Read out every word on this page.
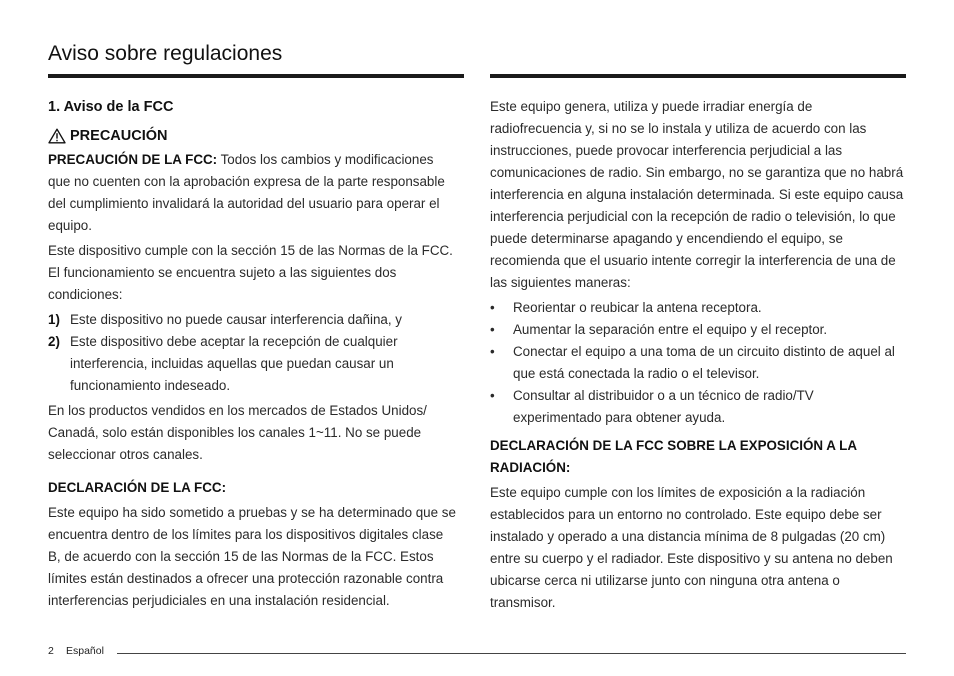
Aviso sobre regulaciones
1. Aviso de la FCC
PRECAUCIÓN

PRECAUCIÓN DE LA FCC: Todos los cambios y modificaciones que no cuenten con la aprobación expresa de la parte responsable del cumplimiento invalidará la autoridad del usuario para operar el equipo.

Este dispositivo cumple con la sección 15 de las Normas de la FCC. El funcionamiento se encuentra sujeto a las siguientes dos condiciones:

1) Este dispositivo no puede causar interferencia dañina, y
2) Este dispositivo debe aceptar la recepción de cualquier interferencia, incluidas aquellas que puedan causar un funcionamiento indeseado.

En los productos vendidos en los mercados de Estados Unidos/ Canadá, solo están disponibles los canales 1~11. No se puede seleccionar otros canales.

DECLARACIÓN DE LA FCC:

Este equipo ha sido sometido a pruebas y se ha determinado que se encuentra dentro de los límites para los dispositivos digitales clase B, de acuerdo con la sección 15 de las Normas de la FCC. Estos límites están destinados a ofrecer una protección razonable contra interferencias perjudiciales en una instalación residencial.

Este equipo genera, utiliza y puede irradiar energía de radiofrecuencia y, si no se lo instala y utiliza de acuerdo con las instrucciones, puede provocar interferencia perjudicial a las comunicaciones de radio. Sin embargo, no se garantiza que no habrá interferencia en alguna instalación determinada. Si este equipo causa interferencia perjudicial con la recepción de radio o televisión, lo que puede determinarse apagando y encendiendo el equipo, se recomienda que el usuario intente corregir la interferencia de una de las siguientes maneras:

• Reorientar o reubicar la antena receptora.
• Aumentar la separación entre el equipo y el receptor.
• Conectar el equipo a una toma de un circuito distinto de aquel al que está conectada la radio o el televisor.
• Consultar al distribuidor o a un técnico de radio/TV experimentado para obtener ayuda.

DECLARACIÓN DE LA FCC SOBRE LA EXPOSICIÓN A LA RADIACIÓN:

Este equipo cumple con los límites de exposición a la radiación establecidos para un entorno no controlado. Este equipo debe ser instalado y operado a una distancia mínima de 8 pulgadas (20 cm) entre su cuerpo y el radiador. Este dispositivo y su antena no deben ubicarse cerca ni utilizarse junto con ninguna otra antena o transmisor.

2 Español
